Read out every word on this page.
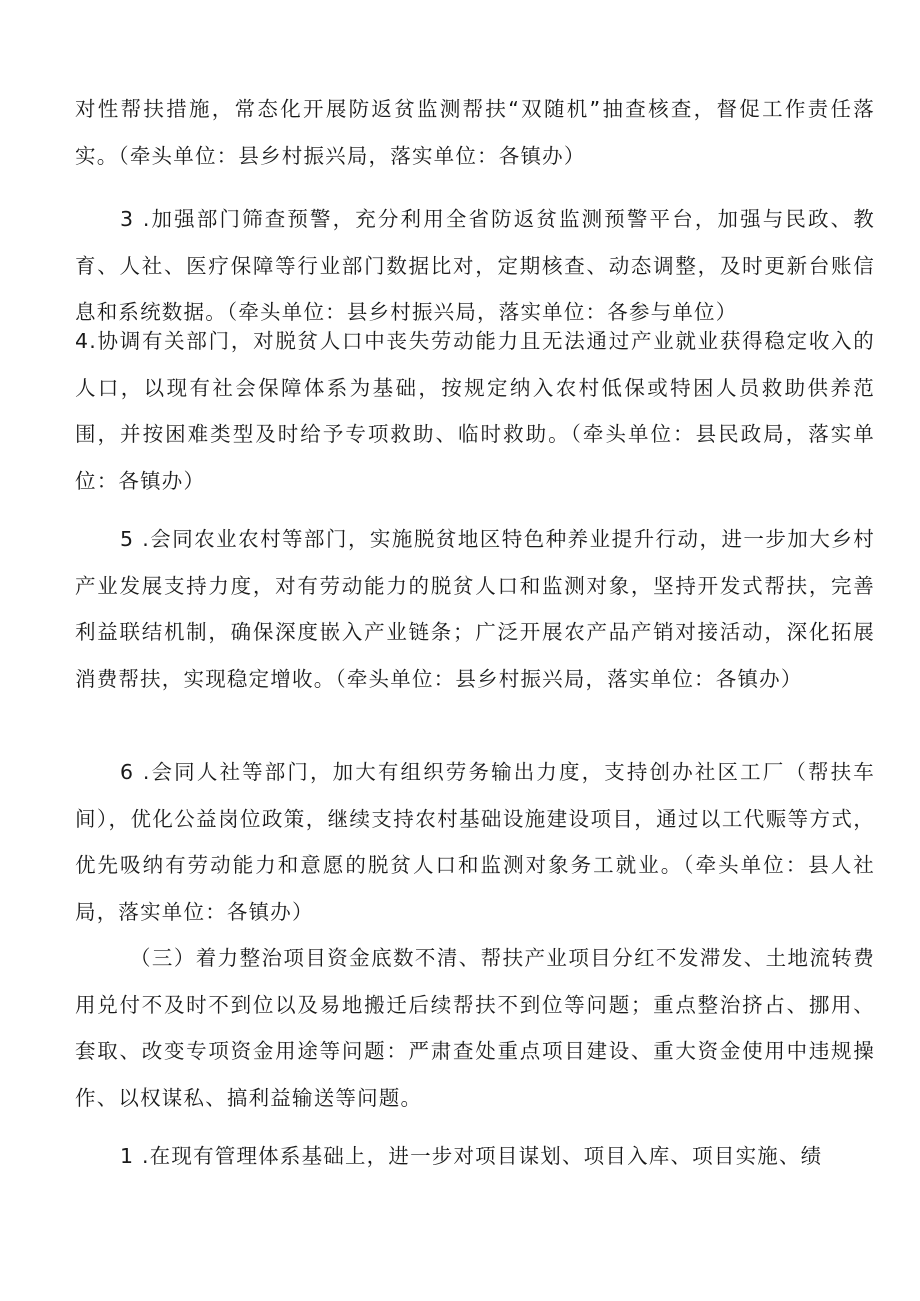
对性帮扶措施，常态化开展防返贫监测帮扶“双随机”抽查核查，督促工作责任落实。（牵头单位：县乡村振兴局，落实单位：各镇办）

3 .加强部门筛查预警，充分利用全省防返贫监测预警平台，加强与民政、教育、人社、医疗保障等行业部门数据比对，定期核查、动态调整，及时更新台账信息和系统数据。（牵头单位：县乡村振兴局，落实单位：各参与单位）

4.协调有关部门，对脱贫人口中丧失劳动能力且无法通过产业就业获得稳定收入的人口，以现有社会保障体系为基础，按规定纳入农村低保或特困人员救助供养范围，并按困难类型及时给予专项救助、临时救助。（牵头单位：县民政局，落实单位：各镇办）

5 .会同农业农村等部门，实施脱贫地区特色种养业提升行动，进一步加大乡村产业发展支持力度，对有劳动能力的脱贫人口和监测对象，坚持开发式帮扶，完善利益联结机制，确保深度嵌入产业链条；广泛开展农产品产销对接活动，深化拓展消费帮扶，实现稳定增收。（牵头单位：县乡村振兴局，落实单位：各镇办）

6 .会同人社等部门，加大有组织劳务输出力度，支持创办社区工厂（帮扶车间），优化公益岗位政策，继续支持农村基础设施建设项目，通过以工代赈等方式，优先吸纳有劳动能力和意愿的脱贫人口和监测对象务工就业。（牵头单位：县人社局，落实单位：各镇办）

（三）着力整治项目资金底数不清、帮扶产业项目分红不发滞发、土地流转费用兑付不及时不到位以及易地搬迁后续帮扶不到位等问题；重点整治挤占、挪用、套取、改变专项资金用途等问题：严肃查处重点项目建设、重大资金使用中违规操作、以权谋私、搞利益输送等问题。

1 .在现有管理体系基础上，进一步对项目谋划、项目入库、项目实施、绩
